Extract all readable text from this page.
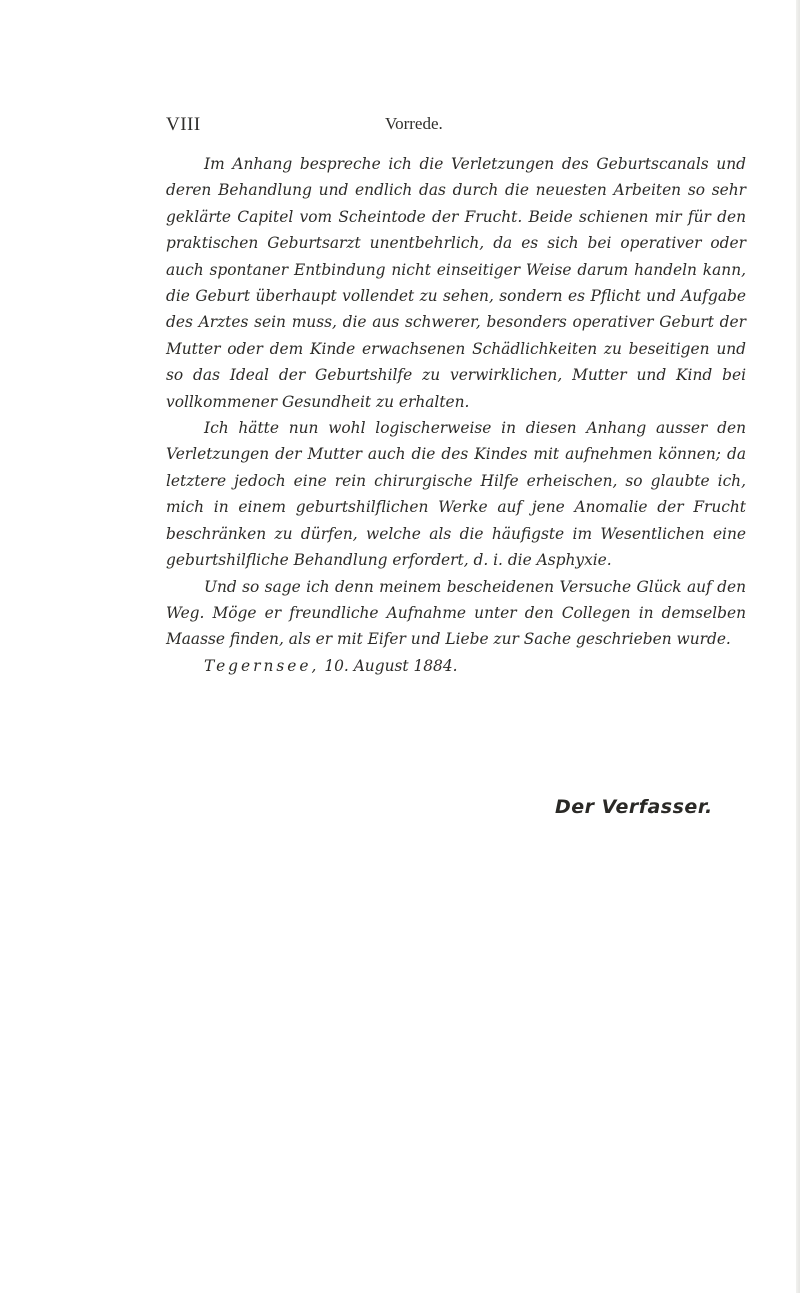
VIII	Vorrede.

Im Anhang bespreche ich die Verletzungen des Geburtscanals und deren Behandlung und endlich das durch die neuesten Arbeiten so sehr geklärte Capitel vom Scheintode der Frucht. Beide schienen mir für den praktischen Geburtsarzt unentbehrlich, da es sich bei operativer oder auch spontaner Entbindung nicht einseitiger Weise darum handeln kann, die Geburt überhaupt vollendet zu sehen, sondern es Pflicht und Aufgabe des Arztes sein muss, die aus schwerer, besonders operativer Geburt der Mutter oder dem Kinde erwachsenen Schädlichkeiten zu beseitigen und so das Ideal der Geburtshilfe zu verwirklichen, Mutter und Kind bei vollkommener Gesundheit zu erhalten.

Ich hätte nun wohl logischerweise in diesen Anhang ausser den Verletzungen der Mutter auch die des Kindes mit aufnehmen können; da letztere jedoch eine rein chirurgische Hilfe erheischen, so glaubte ich, mich in einem geburtshilflichen Werke auf jene Anomalie der Frucht beschränken zu dürfen, welche als die häufigste im Wesentlichen eine geburtshilfliche Behandlung erfordert, d. i. die Asphyxie.

Und so sage ich denn meinem bescheidenen Versuche Glück auf den Weg. Möge er freundliche Aufnahme unter den Collegen in demselben Maasse finden, als er mit Eifer und Liebe zur Sache geschrieben wurde.

Tegernsee, 10. August 1884.

Der Verfasser.
